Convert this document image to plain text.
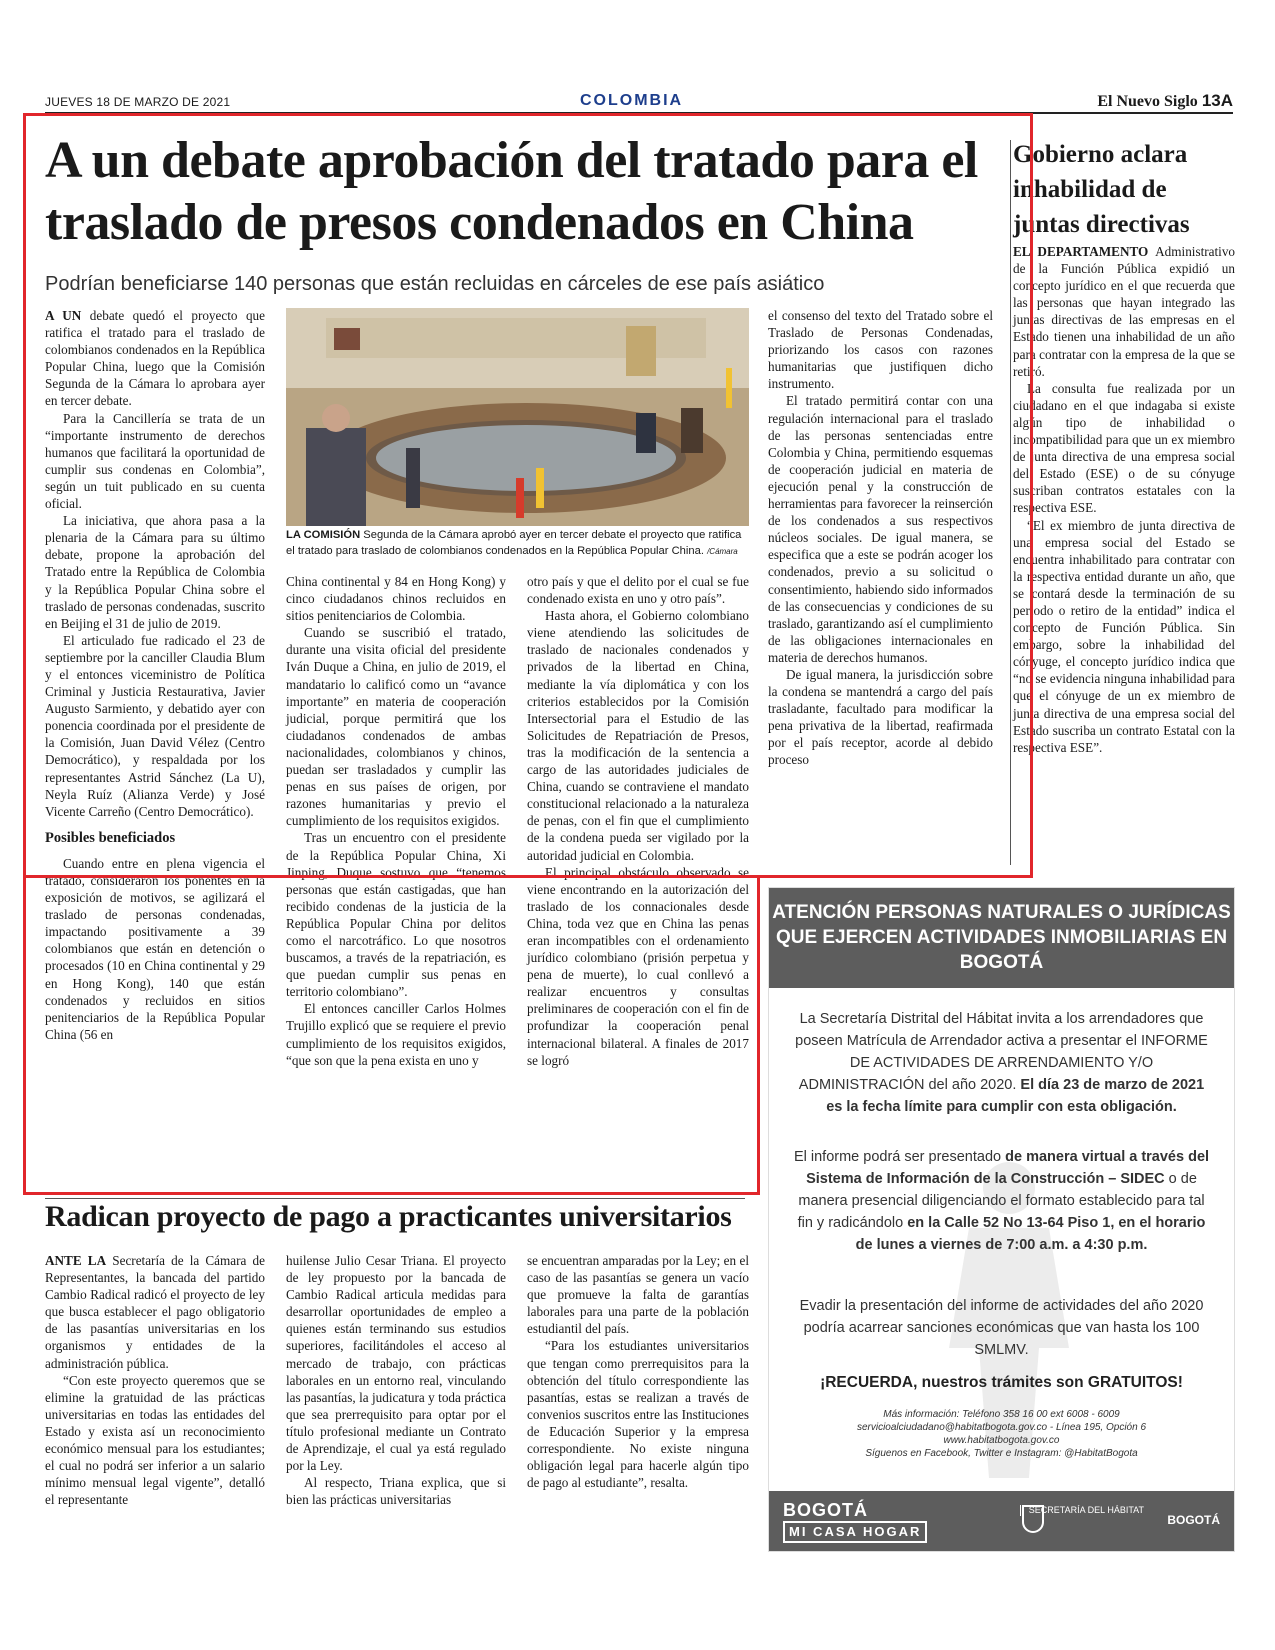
JUEVES 18 DE MARZO DE 2021	COLOMBIA	El Nuevo Siglo 13A
A un debate aprobación del tratado para el traslado de presos condenados en China
Podrían beneficiarse 140 personas que están recluidas en cárceles de ese país asiático

A UN debate quedó el proyecto que ratifica el tratado para el traslado de colombianos condenados en la República Popular China, luego que la Comisión Segunda de la Cámara lo aprobara ayer en tercer debate.

Para la Cancillería se trata de un “importante instrumento de derechos humanos que facilitará la oportunidad de cumplir sus condenas en Colombia”, según un tuit publicado en su cuenta oficial.

La iniciativa, que ahora pasa a la plenaria de la Cámara para su último debate, propone la aprobación del Tratado entre la República de Colombia y la República Popular China sobre el traslado de personas condenadas, suscrito en Beijing el 31 de julio de 2019.

El articulado fue radicado el 23 de septiembre por la canciller Claudia Blum y el entonces viceministro de Política Criminal y Justicia Restaurativa, Javier Augusto Sarmiento, y debatido ayer con ponencia coordinada por el presidente de la Comisión, Juan David Vélez (Centro Democrático), y respaldada por los representantes Astrid Sánchez (La U), Neyla Ruíz (Alianza Verde) y José Vicente Carreño (Centro Democrático).

Posibles beneficiados

Cuando entre en plena vigencia el tratado, consideraron los ponentes en la exposición de motivos, se agilizará el traslado de personas condenadas, impactando positivamente a 39 colombianos que están en detención o procesados (10 en China continental y 29 en Hong Kong), 140 que están condenados y recluidos en sitios penitenciarios de la República Popular China (56 en

LA COMISIÓN Segunda de la Cámara aprobó ayer en tercer debate el proyecto que ratifica el tratado para traslado de colombianos condenados en la República Popular China. /Cámara

China continental y 84 en Hong Kong) y cinco ciudadanos chinos recluidos en sitios penitenciarios de Colombia.

Cuando se suscribió el tratado, durante una visita oficial del presidente Iván Duque a China, en julio de 2019, el mandatario lo calificó como un “avance importante” en materia de cooperación judicial, porque permitirá que los ciudadanos condenados de ambas nacionalidades, colombianos y chinos, puedan ser trasladados y cumplir las penas en sus países de origen, por razones humanitarias y previo el cumplimiento de los requisitos exigidos.

Tras un encuentro con el presidente de la República Popular China, Xi Jinping, Duque sostuvo que “tenemos personas que están castigadas, que han recibido condenas de la justicia de la República Popular China por delitos como el narcotráfico. Lo que nosotros buscamos, a través de la repatriación, es que puedan cumplir sus penas en territorio colombiano”.

El entonces canciller Carlos Holmes Trujillo explicó que se requiere el previo cumplimiento de los requisitos exigidos, “que son que la pena exista en uno y

otro país y que el delito por el cual se fue condenado exista en uno y otro país”.

Hasta ahora, el Gobierno colombiano viene atendiendo las solicitudes de traslado de nacionales condenados y privados de la libertad en China, mediante la vía diplomática y con los criterios establecidos por la Comisión Intersectorial para el Estudio de las Solicitudes de Repatriación de Presos, tras la modificación de la sentencia a cargo de las autoridades judiciales de China, cuando se contraviene el mandato constitucional relacionado a la naturaleza de penas, con el fin que el cumplimiento de la condena pueda ser vigilado por la autoridad judicial en Colombia.

El principal obstáculo observado se viene encontrando en la autorización del traslado de los connacionales desde China, toda vez que en China las penas eran incompatibles con el ordenamiento jurídico colombiano (prisión perpetua y pena de muerte), lo cual conllevó a realizar encuentros y consultas preliminares de cooperación con el fin de profundizar la cooperación penal internacional bilateral. A finales de 2017 se logró

el consenso del texto del Tratado sobre el Traslado de Personas Condenadas, priorizando los casos con razones humanitarias que justifiquen dicho instrumento.

El tratado permitirá contar con una regulación internacional para el traslado de las personas sentenciadas entre Colombia y China, permitiendo esquemas de cooperación judicial en materia de ejecución penal y la construcción de herramientas para favorecer la reinserción de los condenados a sus respectivos núcleos sociales. De igual manera, se especifica que a este se podrán acoger los condenados, previo a su solicitud o consentimiento, habiendo sido informados de las consecuencias y condiciones de su traslado, garantizando así el cumplimiento de las obligaciones internacionales en materia de derechos humanos.

De igual manera, la jurisdicción sobre la condena se mantendrá a cargo del país trasladante, facultado para modificar la pena privativa de la libertad, reafirmada por el país receptor, acorde al debido proceso

Gobierno aclara inhabilidad de juntas directivas

EL DEPARTAMENTO Administrativo de la Función Pública expidió un concepto jurídico en el que recuerda que las personas que hayan integrado las juntas directivas de las empresas en el Estado tienen una inhabilidad de un año para contratar con la empresa de la que se retiró.

La consulta fue realizada por un ciudadano en el que indagaba si existe algún tipo de inhabilidad o incompatibilidad para que un ex miembro de junta directiva de una empresa social del Estado (ESE) o de su cónyuge suscriban contratos estatales con la respectiva ESE.

“El ex miembro de junta directiva de una empresa social del Estado se encuentra inhabilitado para contratar con la respectiva entidad durante un año, que se contará desde la terminación de su periodo o retiro de la entidad” indica el concepto de Función Pública. Sin embargo, sobre la inhabilidad del cónyuge, el concepto jurídico indica que “no se evidencia ninguna inhabilidad para que el cónyuge de un ex miembro de junta directiva de una empresa social del Estado suscriba un contrato Estatal con la respectiva ESE”.

ATENCIÓN PERSONAS NATURALES O JURÍDICAS QUE EJERCEN ACTIVIDADES INMOBILIARIAS EN BOGOTÁ
La Secretaría Distrital del Hábitat invita a los arrendadores que poseen Matrícula de Arrendador activa a presentar el INFORME DE ACTIVIDADES DE ARRENDAMIENTO Y/O ADMINISTRACIÓN del año 2020. El día 23 de marzo de 2021 es la fecha límite para cumplir con esta obligación.
El informe podrá ser presentado de manera virtual a través del Sistema de Información de la Construcción – SIDEC o de manera presencial diligenciando el formato establecido para tal fin y radicándolo en la Calle 52 No 13-64 Piso 1, en el horario de lunes a viernes de 7:00 a.m. a 4:30 p.m.
Evadir la presentación del informe de actividades del año 2020 podría acarrear sanciones económicas que van hasta los 100 SMLMV.
¡RECUERDA, nuestros trámites son GRATUITOS!
Más información: Teléfono 358 16 00 ext 6008 - 6009
servicioalciudadano@habitatbogota.gov.co - Línea 195, Opción 6
www.habitatbogota.gov.co
Síguenos en Facebook, Twitter e Instagram: @HabitatBogota
BOGOTÁ
MI CASA HOGAR
SECRETARÍA DEL HÁBITAT
BOGOTÁ
Radican proyecto de pago a practicantes universitarios

ANTE LA Secretaría de la Cámara de Representantes, la bancada del partido Cambio Radical radicó el proyecto de ley que busca establecer el pago obligatorio de las pasantías universitarias en los organismos y entidades de la administración pública.

“Con este proyecto queremos que se elimine la gratuidad de las prácticas universitarias en todas las entidades del Estado y exista así un reconocimiento económico mensual para los estudiantes; el cual no podrá ser inferior a un salario mínimo mensual legal vigente”, detalló el representante

huilense Julio Cesar Triana. El proyecto de ley propuesto por la bancada de Cambio Radical articula medidas para desarrollar oportunidades de empleo a quienes están terminando sus estudios superiores, facilitándoles el acceso al mercado de trabajo, con prácticas laborales en un entorno real, vinculando las pasantías, la judicatura y toda práctica que sea prerrequisito para optar por el título profesional mediante un Contrato de Aprendizaje, el cual ya está regulado por la Ley.

Al respecto, Triana explica, que si bien las prácticas universitarias

se encuentran amparadas por la Ley; en el caso de las pasantías se genera un vacío que promueve la falta de garantías laborales para una parte de la población estudiantil del país.

“Para los estudiantes universitarios que tengan como prerrequisitos para la obtención del título correspondiente las pasantías, estas se realizan a través de convenios suscritos entre las Instituciones de Educación Superior y la empresa correspondiente. No existe ninguna obligación legal para hacerle algún tipo de pago al estudiante”, resalta.
